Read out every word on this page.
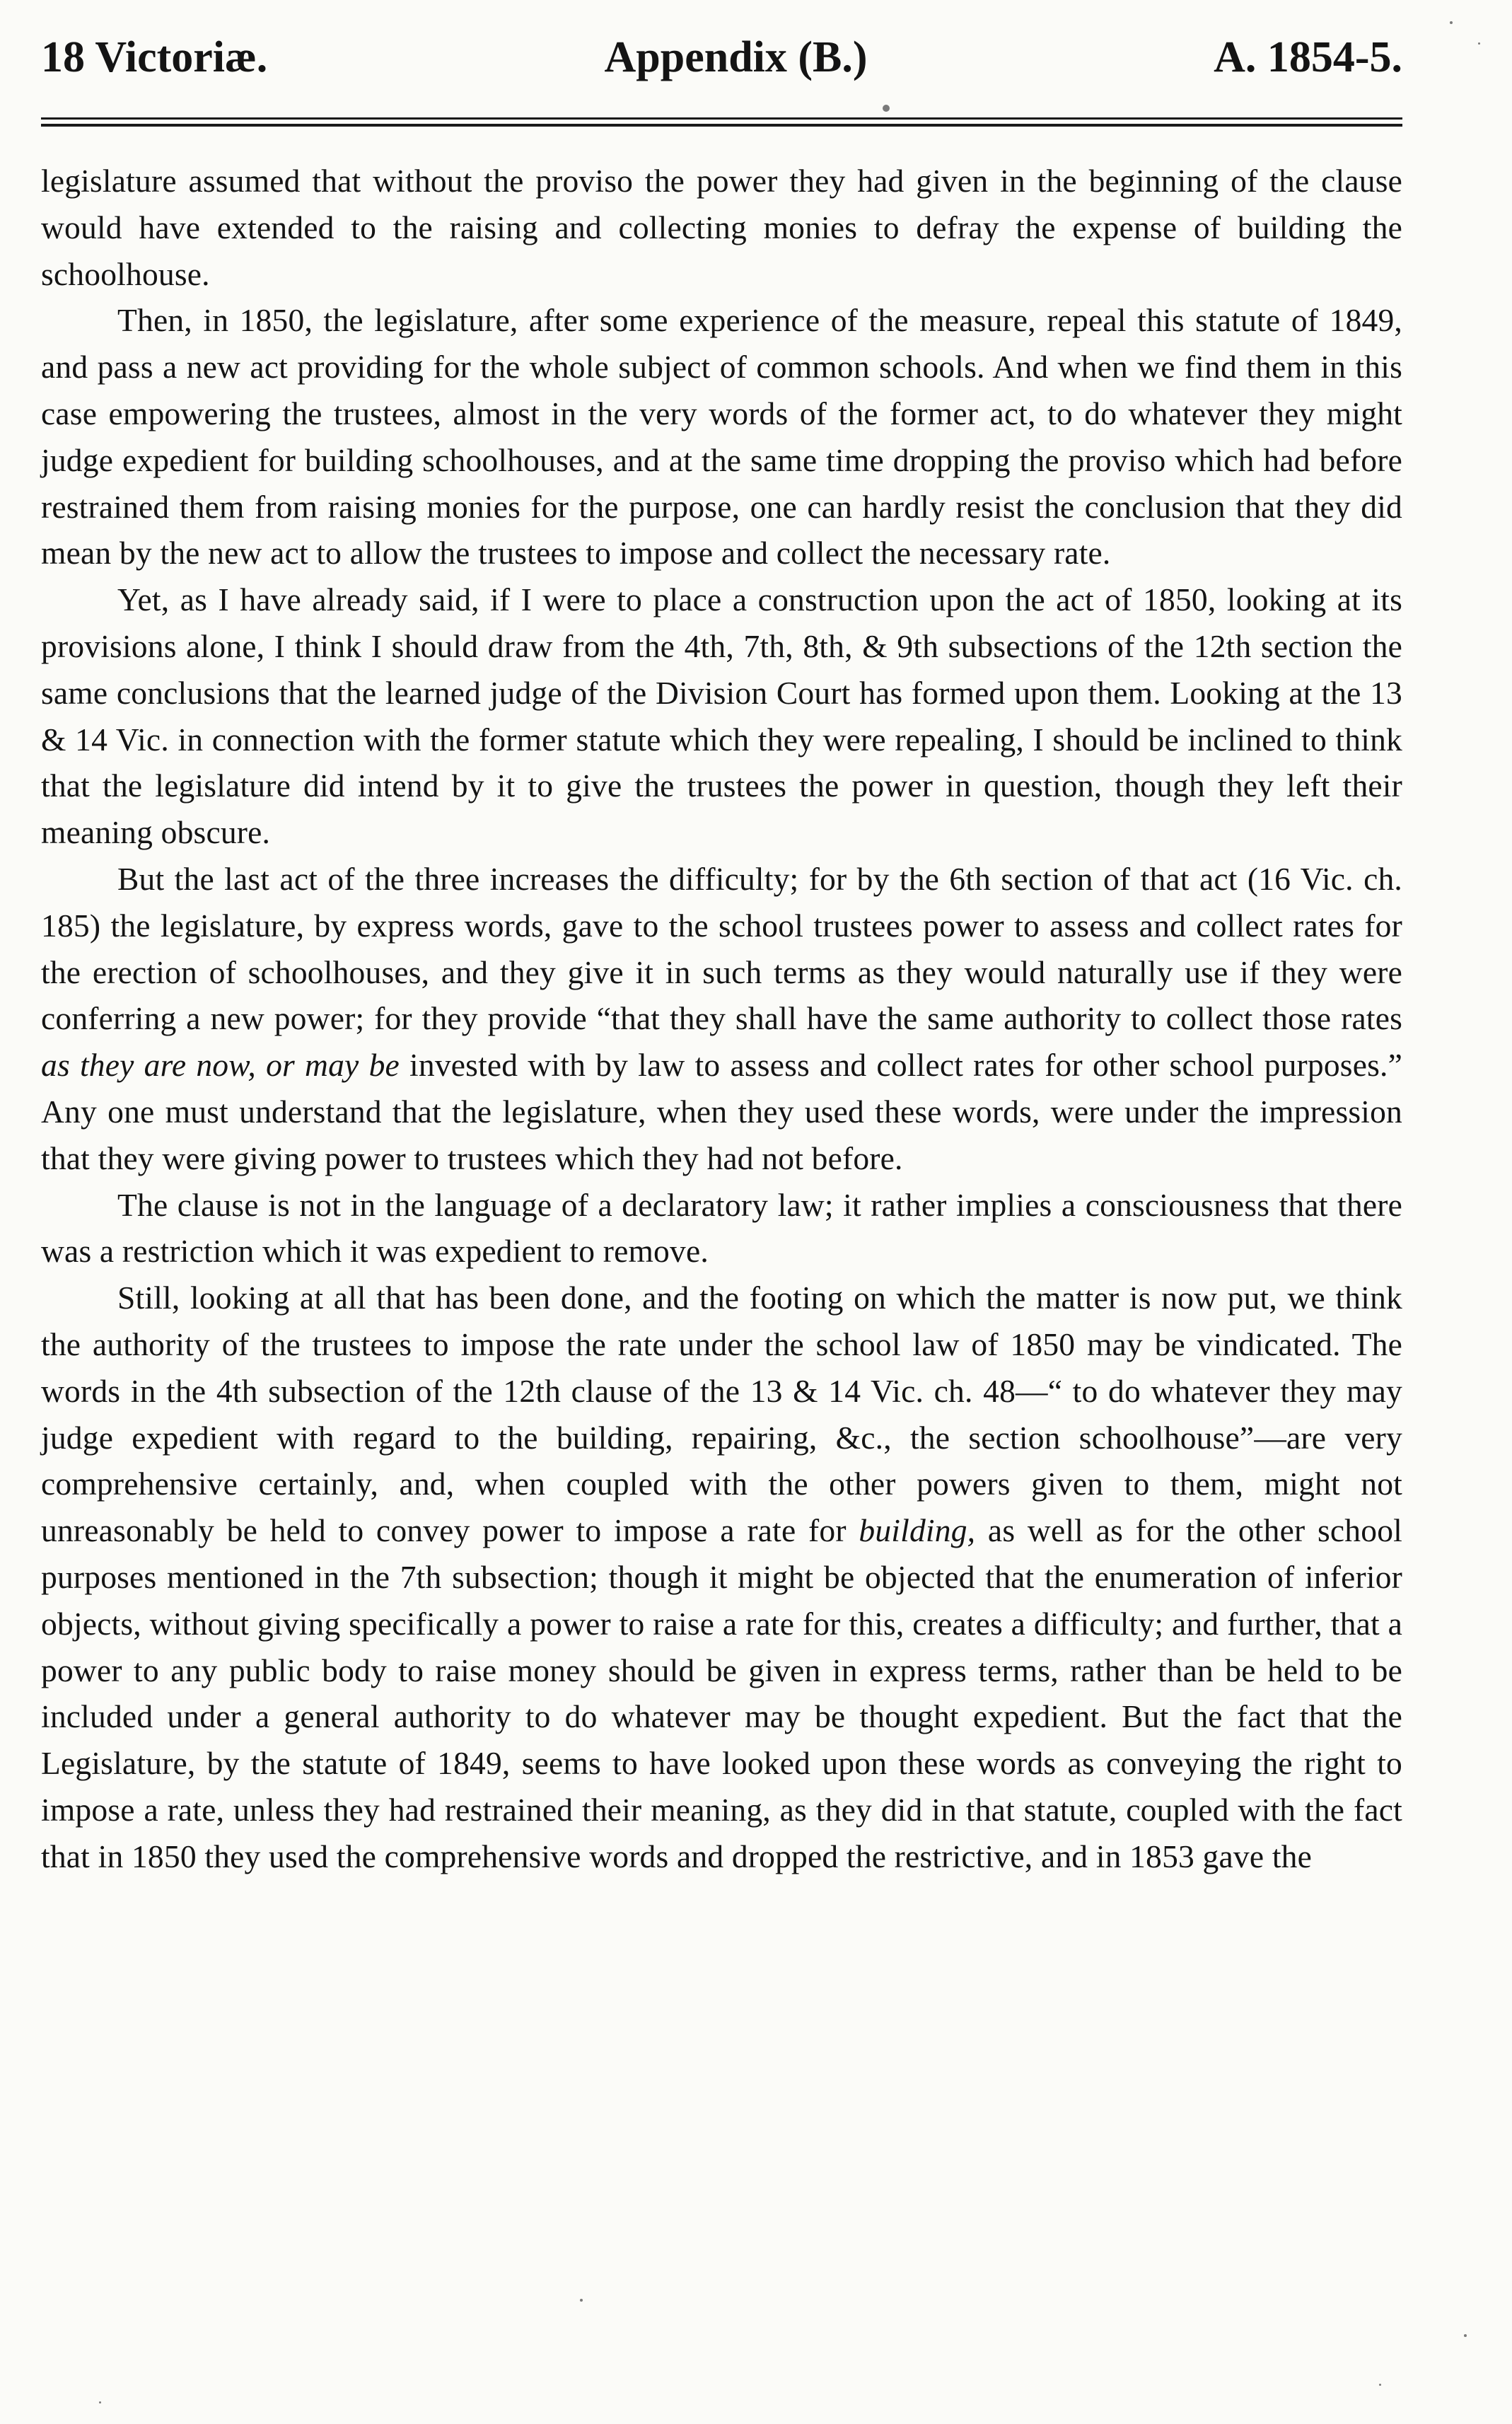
18 Victoriæ.	Appendix (B.)	A. 1854-5.

legislature assumed that without the proviso the power they had given in the beginning of the clause would have extended to the raising and collecting monies to defray the expense of building the schoolhouse.

Then, in 1850, the legislature, after some experience of the measure, repeal this statute of 1849, and pass a new act providing for the whole subject of common schools. And when we find them in this case empowering the trustees, almost in the very words of the former act, to do whatever they might judge expedient for building schoolhouses, and at the same time dropping the proviso which had before restrained them from raising monies for the purpose, one can hardly resist the conclusion that they did mean by the new act to allow the trustees to impose and collect the necessary rate.

Yet, as I have already said, if I were to place a construction upon the act of 1850, looking at its provisions alone, I think I should draw from the 4th, 7th, 8th, & 9th subsections of the 12th section the same conclusions that the learned judge of the Division Court has formed upon them. Looking at the 13 & 14 Vic. in connection with the former statute which they were repealing, I should be inclined to think that the legislature did intend by it to give the trustees the power in question, though they left their meaning obscure.

But the last act of the three increases the difficulty; for by the 6th section of that act (16 Vic. ch. 185) the legislature, by express words, gave to the school trustees power to assess and collect rates for the erection of schoolhouses, and they give it in such terms as they would naturally use if they were conferring a new power; for they provide “that they shall have the same authority to collect those rates as they are now, or may be invested with by law to assess and collect rates for other school purposes.” Any one must understand that the legislature, when they used these words, were under the impression that they were giving power to trustees which they had not before.

The clause is not in the language of a declaratory law; it rather implies a consciousness that there was a restriction which it was expedient to remove.

Still, looking at all that has been done, and the footing on which the matter is now put, we think the authority of the trustees to impose the rate under the school law of 1850 may be vindicated. The words in the 4th subsection of the 12th clause of the 13 & 14 Vic. ch. 48—“ to do whatever they may judge expedient with regard to the building, repairing, &c., the section schoolhouse”—are very comprehensive certainly, and, when coupled with the other powers given to them, might not unreasonably be held to convey power to impose a rate for building, as well as for the other school purposes mentioned in the 7th subsection; though it might be objected that the enumeration of inferior objects, without giving specifically a power to raise a rate for this, creates a difficulty; and further, that a power to any public body to raise money should be given in express terms, rather than be held to be included under a general authority to do whatever may be thought expedient. But the fact that the Legislature, by the statute of 1849, seems to have looked upon these words as conveying the right to impose a rate, unless they had restrained their meaning, as they did in that statute, coupled with the fact that in 1850 they used the comprehensive words and dropped the restrictive, and in 1853 gave the
